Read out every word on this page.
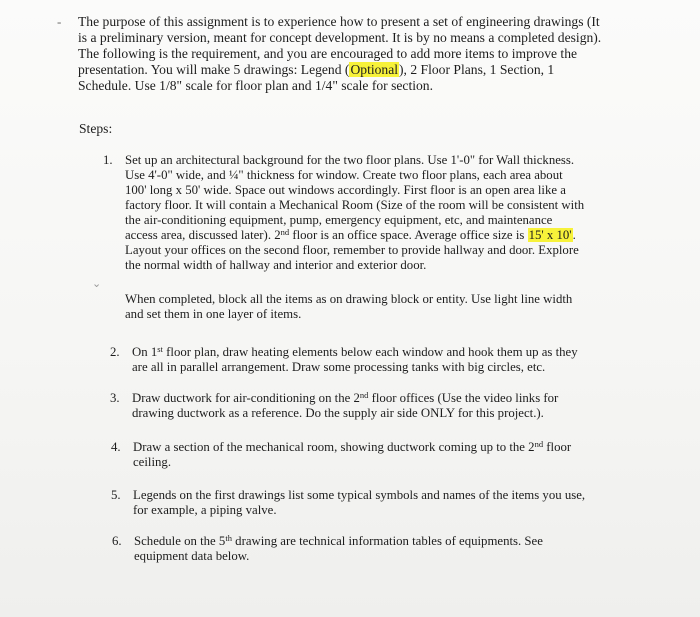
- The purpose of this assignment is to experience how to present a set of engineering drawings (It
is a preliminary version, meant for concept development. It is by no means a completed design).
The following is the requirement, and you are encouraged to add more items to improve the
presentation. You will make 5 drawings: Legend (Optional), 2 Floor Plans, 1 Section, 1
Schedule. Use 1/8" scale for floor plan and 1/4" scale for section.
Steps:
1. Set up an architectural background for the two floor plans. Use 1'-0" for Wall thickness.
Use 4'-0" wide, and ¼" thickness for window. Create two floor plans, each area about
100' long x 50' wide. Space out windows accordingly. First floor is an open area like a
factory floor. It will contain a Mechanical Room (Size of the room will be consistent with
the air-conditioning equipment, pump, emergency equipment, etc, and maintenance
access area, discussed later). 2nd floor is an office space. Average office size is 15' x 10'.
Layout your offices on the second floor, remember to provide hallway and door. Explore
the normal width of hallway and interior and exterior door.
When completed, block all the items as on drawing block or entity. Use light line width
and set them in one layer of items.
⌄
2. On 1st floor plan, draw heating elements below each window and hook them up as they
are all in parallel arrangement. Draw some processing tanks with big circles, etc.
3. Draw ductwork for air-conditioning on the 2nd floor offices (Use the video links for
drawing ductwork as a reference. Do the supply air side ONLY for this project.).
4. Draw a section of the mechanical room, showing ductwork coming up to the 2nd floor
ceiling.
5. Legends on the first drawings list some typical symbols and names of the items you use,
for example, a piping valve.
6. Schedule on the 5th drawing are technical information tables of equipments. See
equipment data below.
